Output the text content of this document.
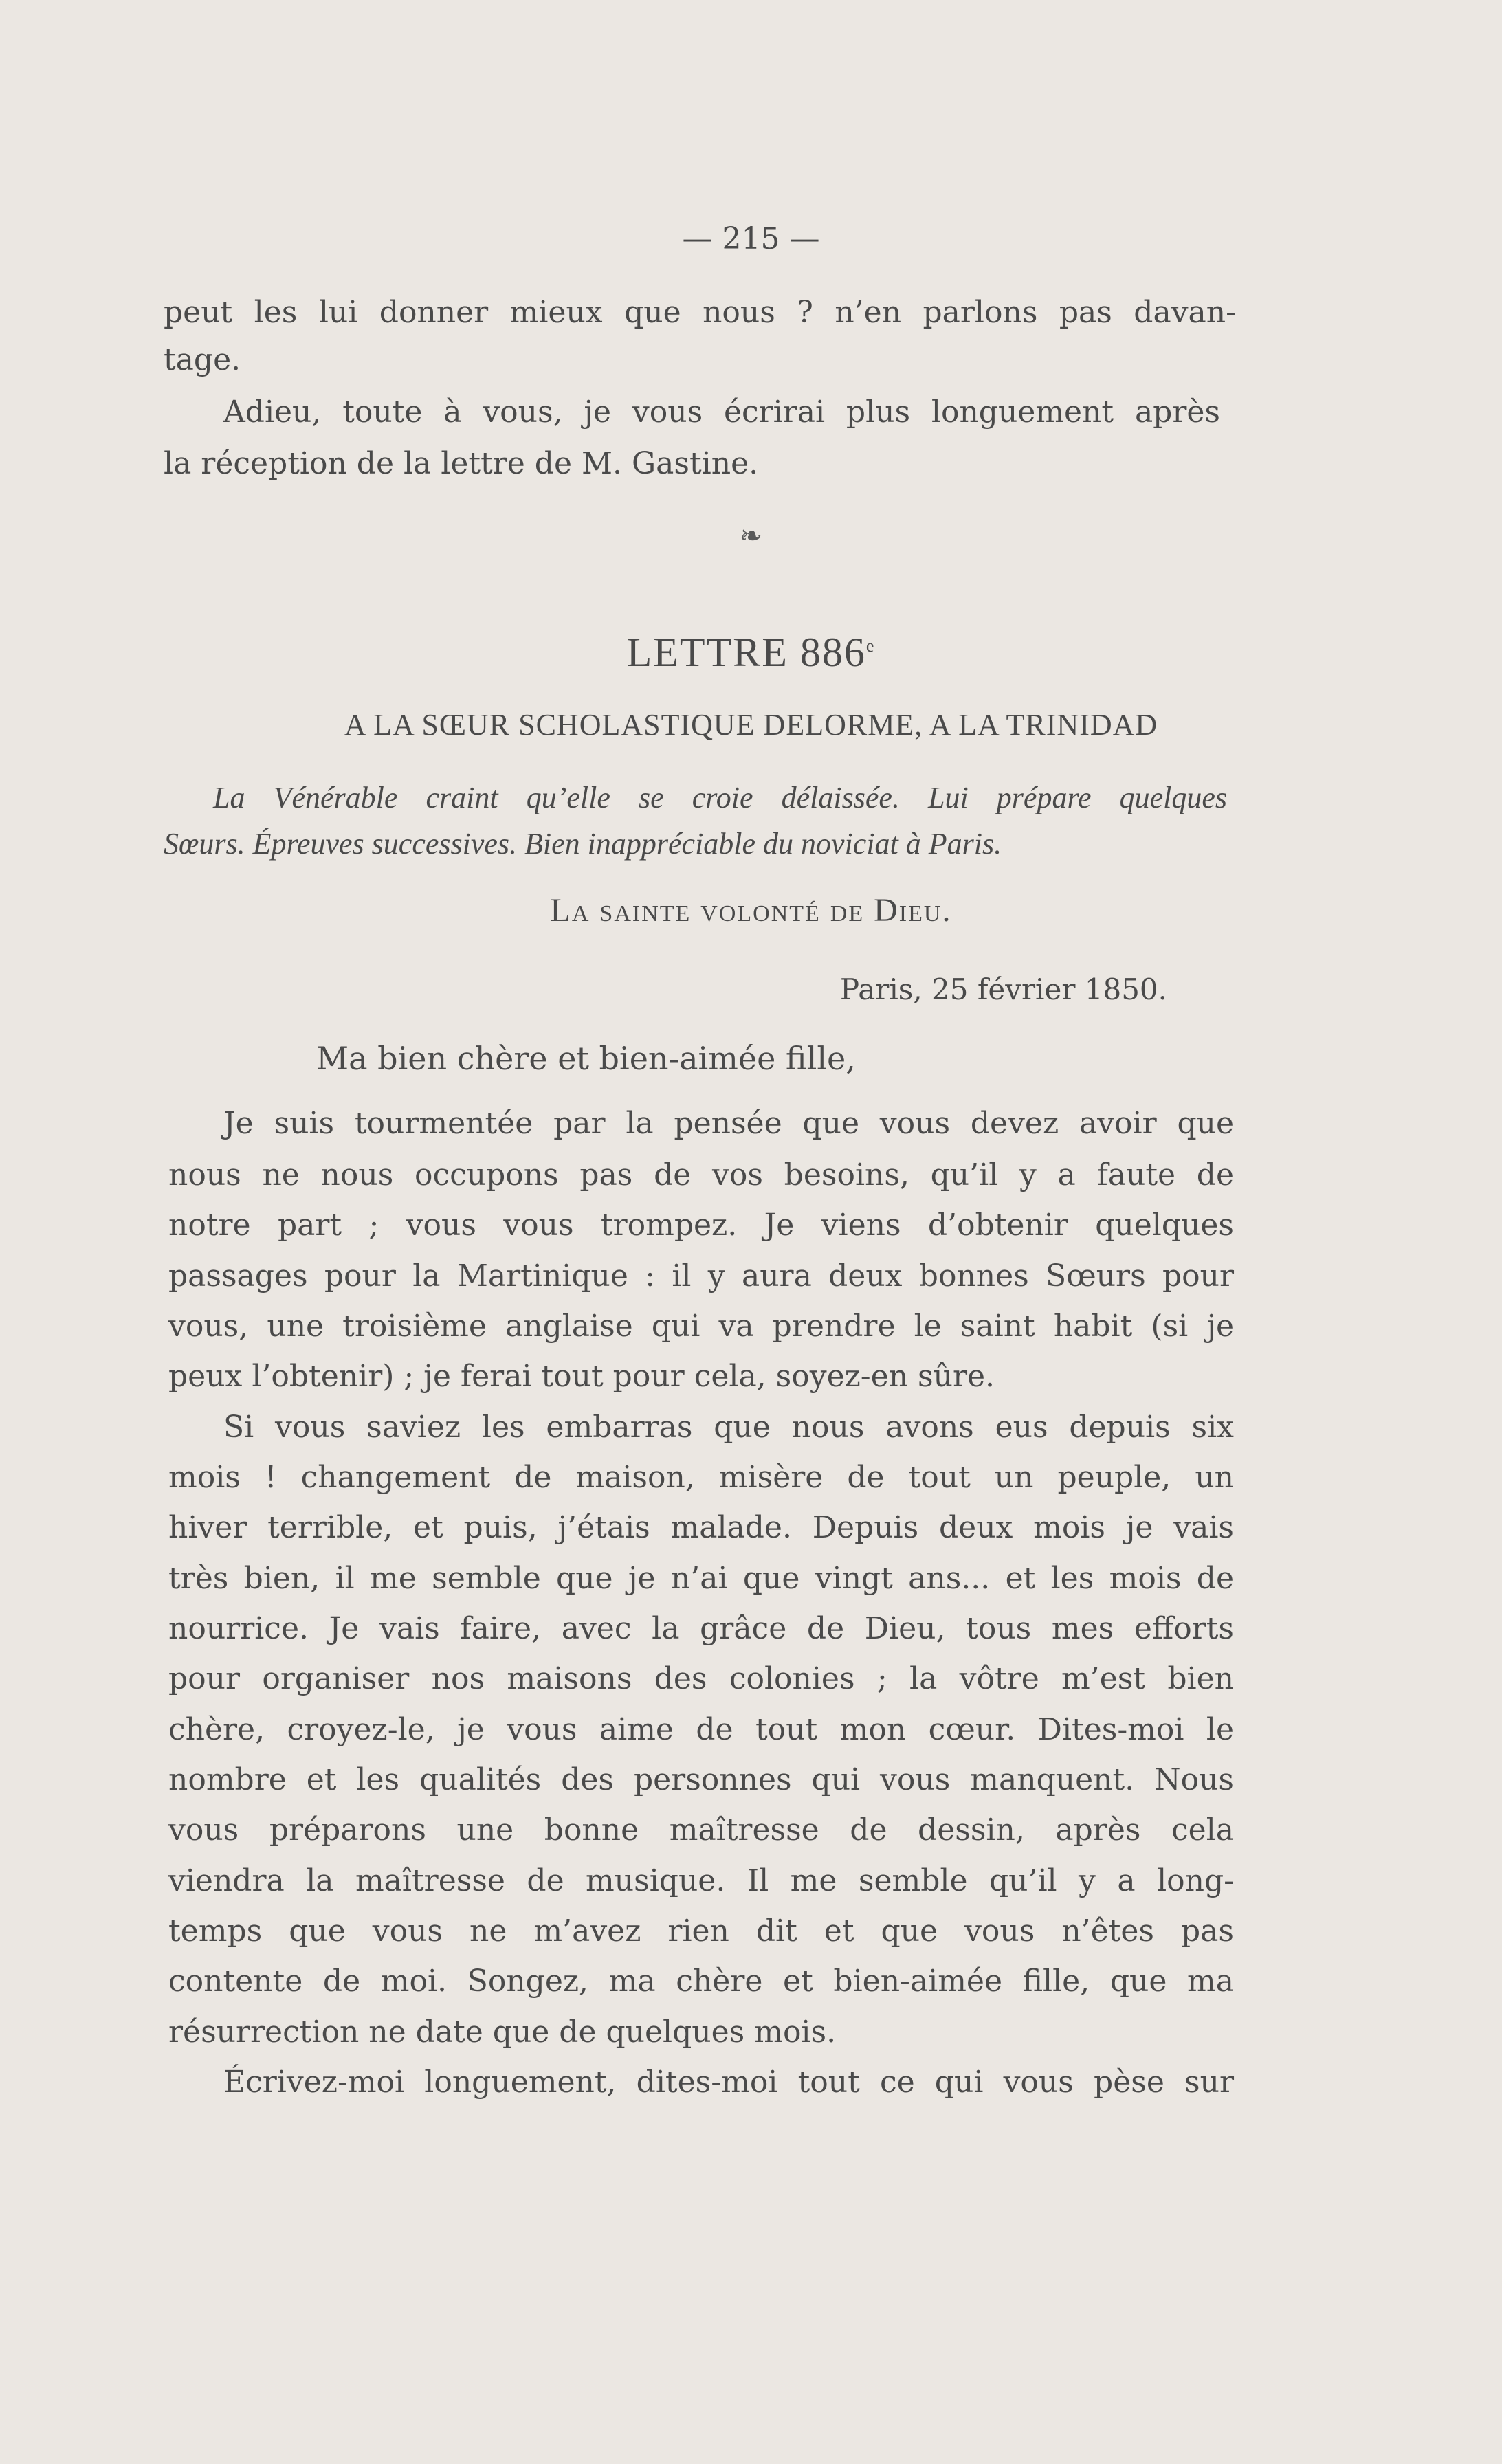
— 215 —
peut les lui donner mieux que nous ? n’en parlons pas davan-
tage.
Adieu, toute à vous, je vous écrirai plus longuement après
la réception de la lettre de M. Gastine.
❧
LETTRE 886e
A LA SŒUR SCHOLASTIQUE DELORME, A LA TRINIDAD
La Vénérable craint qu’elle se croie délaissée. Lui prépare quelques
Sœurs. Épreuves successives. Bien inappréciable du noviciat à Paris.
La sainte volonté de Dieu.
Paris, 25 février 1850.
Ma bien chère et bien-aimée fille,
Je suis tourmentée par la pensée que vous devez avoir que
nous ne nous occupons pas de vos besoins, qu’il y a faute de
notre part ; vous vous trompez. Je viens d’obtenir quelques
passages pour la Martinique : il y aura deux bonnes Sœurs pour
vous, une troisième anglaise qui va prendre le saint habit (si je
peux l’obtenir) ; je ferai tout pour cela, soyez-en sûre.
Si vous saviez les embarras que nous avons eus depuis six
mois ! changement de maison, misère de tout un peuple, un
hiver terrible, et puis, j’étais malade. Depuis deux mois je vais
très bien, il me semble que je n’ai que vingt ans... et les mois de
nourrice. Je vais faire, avec la grâce de Dieu, tous mes efforts
pour organiser nos maisons des colonies ; la vôtre m’est bien
chère, croyez-le, je vous aime de tout mon cœur. Dites-moi le
nombre et les qualités des personnes qui vous manquent. Nous
vous préparons une bonne maîtresse de dessin, après cela
viendra la maîtresse de musique. Il me semble qu’il y a long-
temps que vous ne m’avez rien dit et que vous n’êtes pas
contente de moi. Songez, ma chère et bien-aimée fille, que ma
résurrection ne date que de quelques mois.
Écrivez-moi longuement, dites-moi tout ce qui vous pèse sur
